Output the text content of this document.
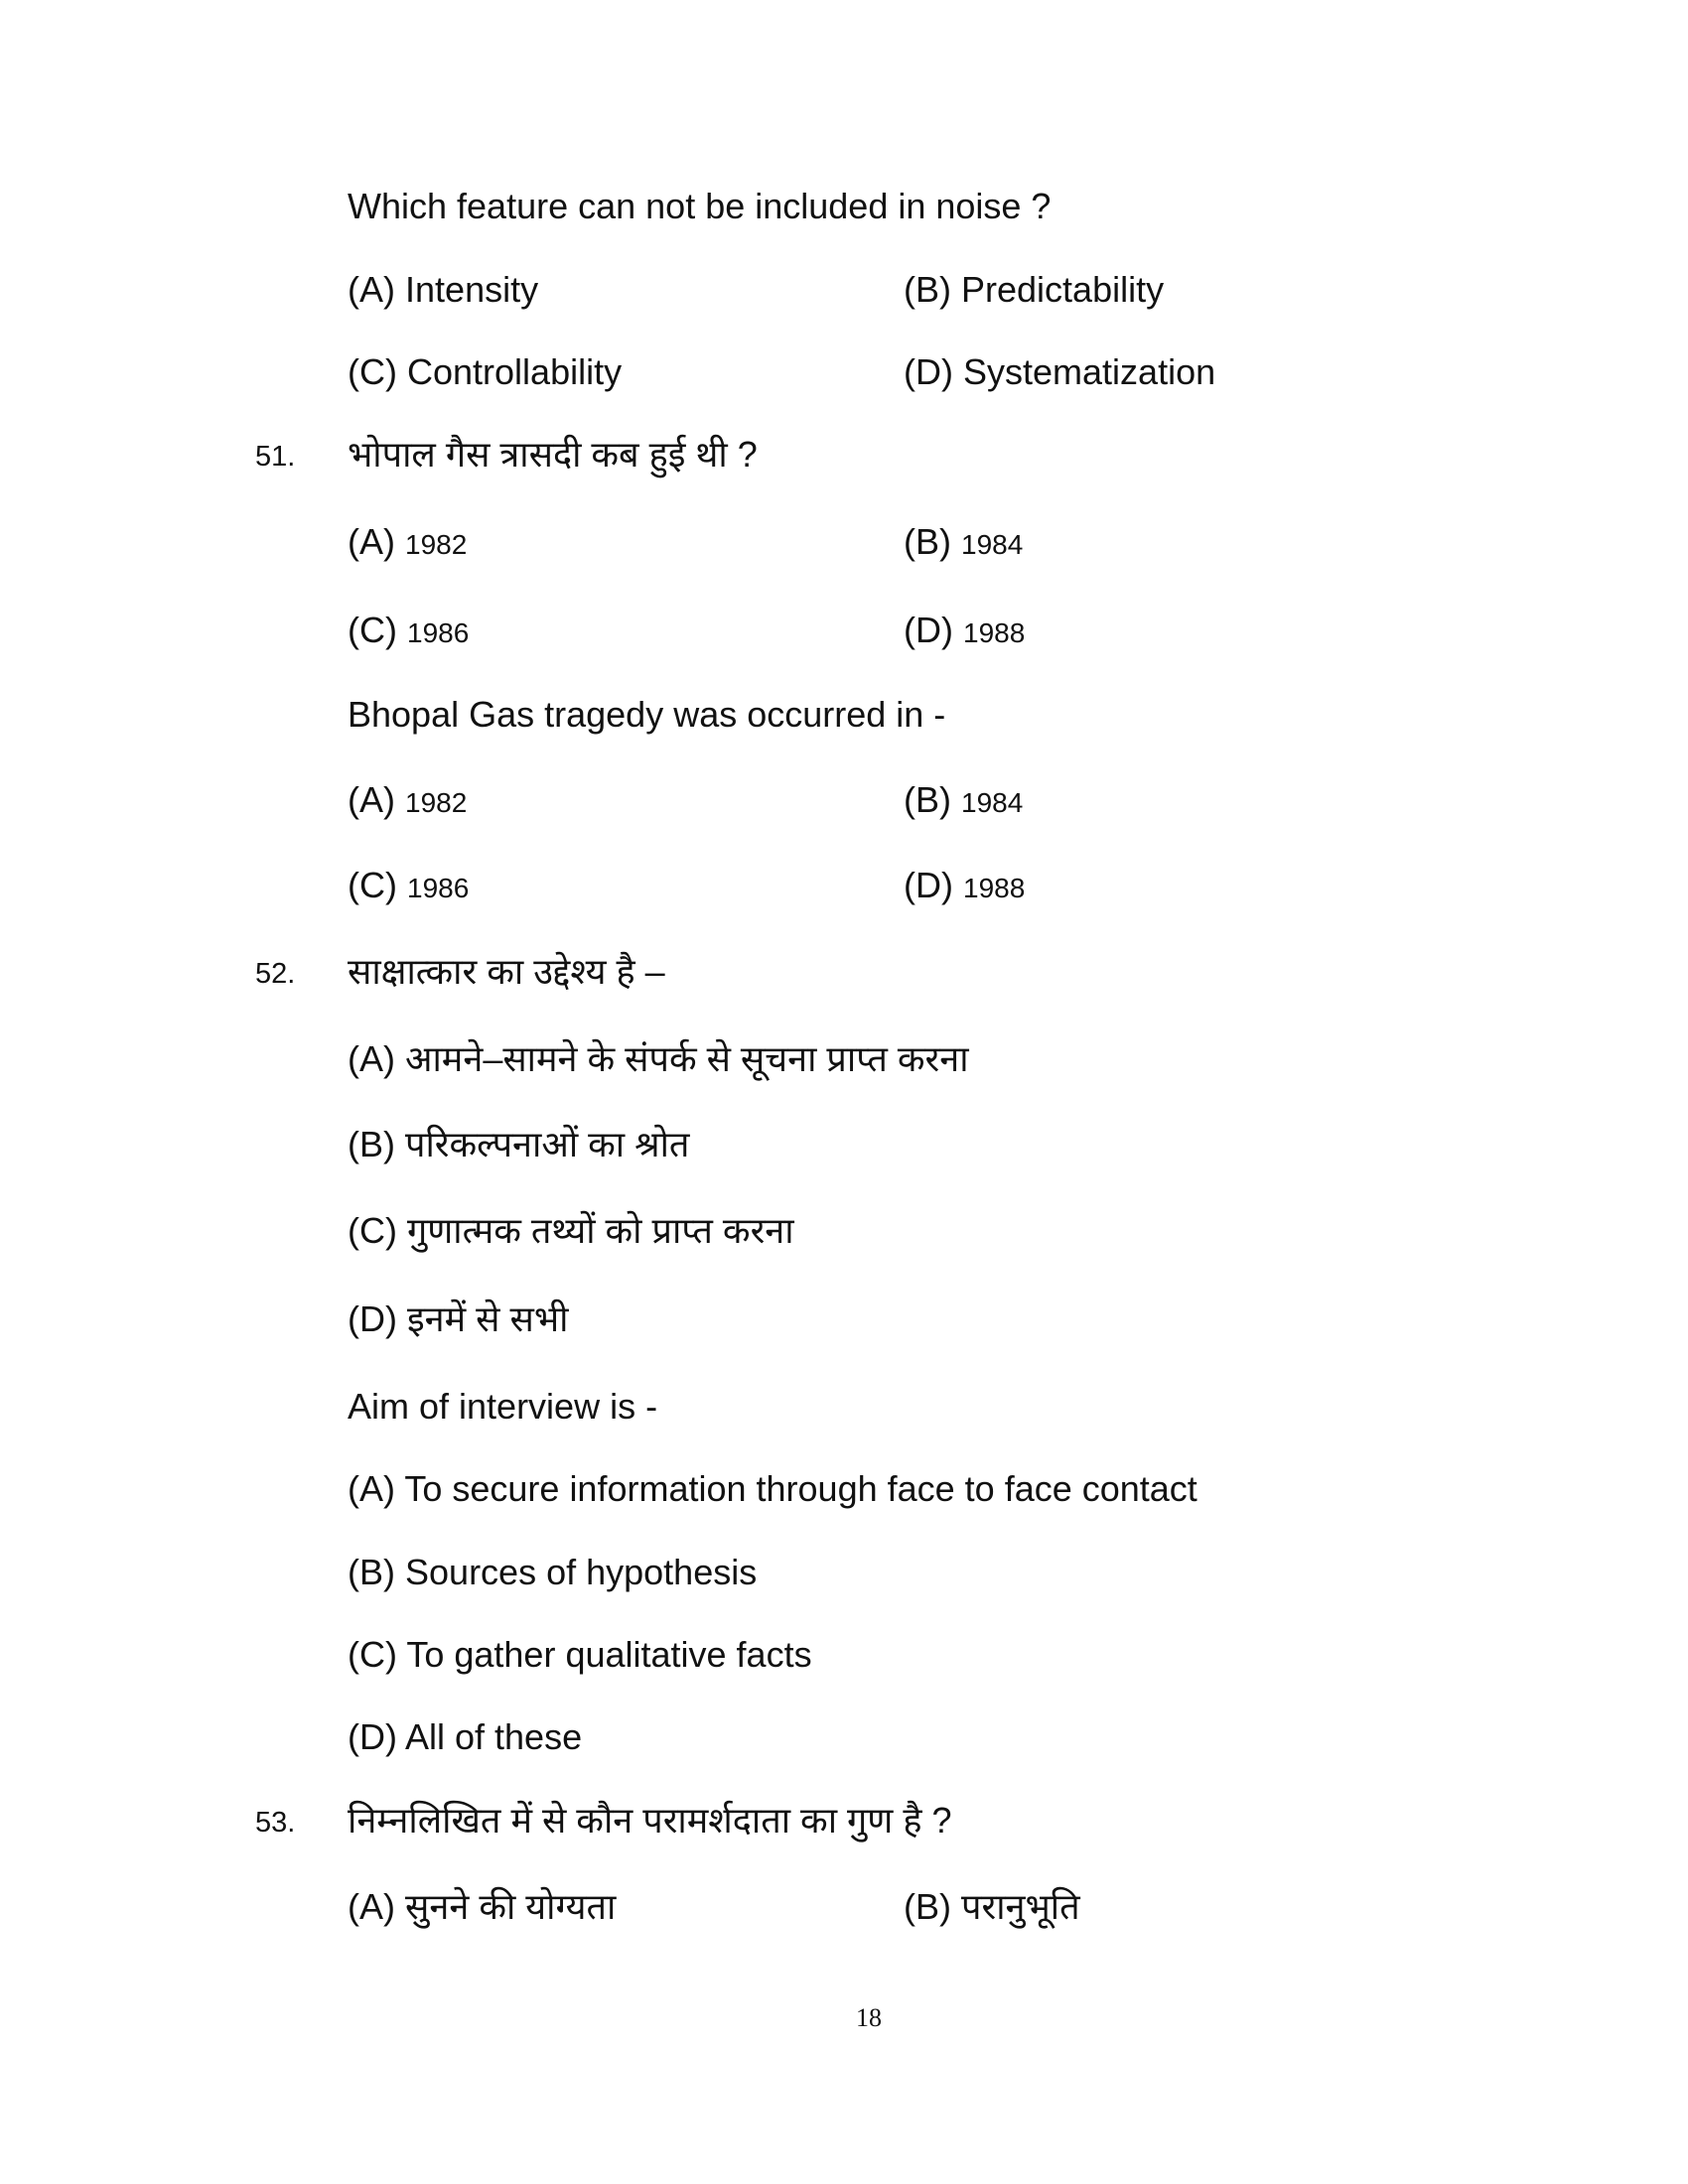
Which feature can not be included in noise ?
(A) Intensity	(B) Predictability
(C) Controllability	(D) Systematization
51. भोपाल गैस त्रासदी कब हुई थी ?
(A) 1982	(B) 1984
(C) 1986	(D) 1988
Bhopal Gas tragedy was occurred in -
(A) 1982	(B) 1984
(C) 1986	(D) 1988
52. साक्षात्कार का उद्देश्य है –
(A) आमने–सामने के संपर्क से सूचना प्राप्त करना
(B) परिकल्पनाओं का श्रोत
(C) गुणात्मक तथ्यों को प्राप्त करना
(D) इनमें से सभी
Aim of interview is -
(A) To secure information through face to face contact
(B) Sources of hypothesis
(C) To gather qualitative facts
(D) All of these
53. निम्नलिखित में से कौन परामर्शदाता का गुण है ?
(A) सुनने की योग्यता	(B) परानुभूति
18
